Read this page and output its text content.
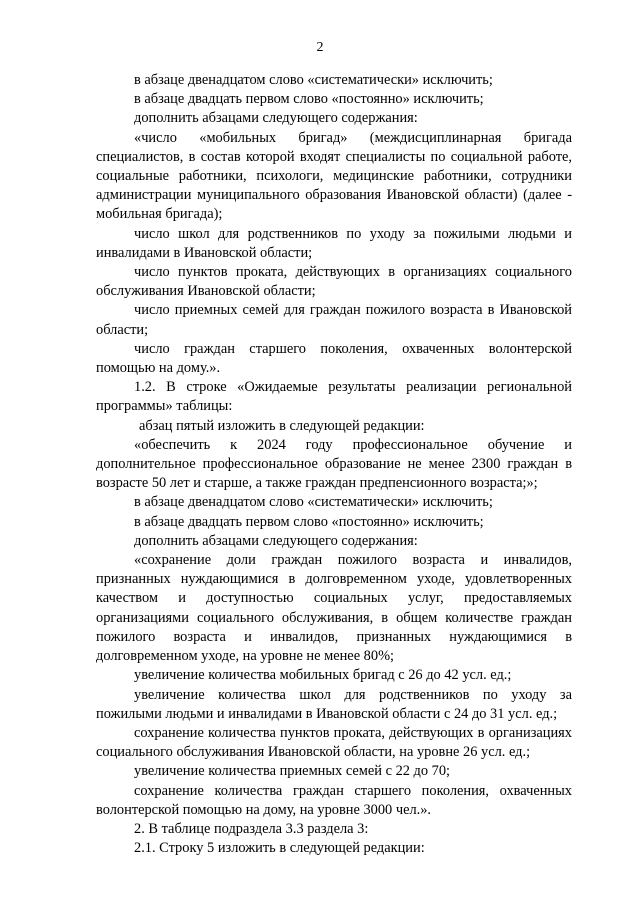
2

в абзаце двенадцатом слово «систематически» исключить;

в абзаце двадцать первом слово «постоянно» исключить;

дополнить абзацами следующего содержания:

«число «мобильных бригад» (междисциплинарная бригада специалистов, в состав которой входят специалисты по социальной работе, социальные работники, психологи, медицинские работники, сотрудники администрации муниципального образования Ивановской области) (далее - мобильная бригада);

число школ для родственников по уходу за пожилыми людьми и инвалидами в Ивановской области;

число пунктов проката, действующих в организациях социального обслуживания Ивановской области;

число приемных семей для граждан пожилого возраста в Ивановской области;

число граждан старшего поколения, охваченных волонтерской помощью на дому.».

1.2. В строке «Ожидаемые результаты реализации региональной программы» таблицы:

абзац пятый изложить в следующей редакции:

«обеспечить к 2024 году профессиональное обучение и дополнительное профессиональное образование не менее 2300 граждан в возрасте 50 лет и старше, а также граждан предпенсионного возраста;»;

в абзаце двенадцатом слово «систематически» исключить;

в абзаце двадцать первом слово «постоянно» исключить;

дополнить абзацами следующего содержания:

«сохранение доли граждан пожилого возраста и инвалидов, признанных нуждающимися в долговременном уходе, удовлетворенных качеством и доступностью социальных услуг, предоставляемых организациями социального обслуживания, в общем количестве граждан пожилого возраста и инвалидов, признанных нуждающимися в долговременном уходе, на уровне не менее 80%;

увеличение количества мобильных бригад с 26 до 42 усл. ед.;

увеличение количества школ для родственников по уходу за пожилыми людьми и инвалидами в Ивановской области с 24 до 31 усл. ед.;

сохранение количества пунктов проката, действующих в организациях социального обслуживания Ивановской области, на уровне 26 усл. ед.;

увеличение количества приемных семей с 22 до 70;

сохранение количества граждан старшего поколения, охваченных волонтерской помощью на дому, на уровне 3000 чел.».

2. В таблице подраздела 3.3 раздела 3:

2.1. Строку 5 изложить в следующей редакции:
